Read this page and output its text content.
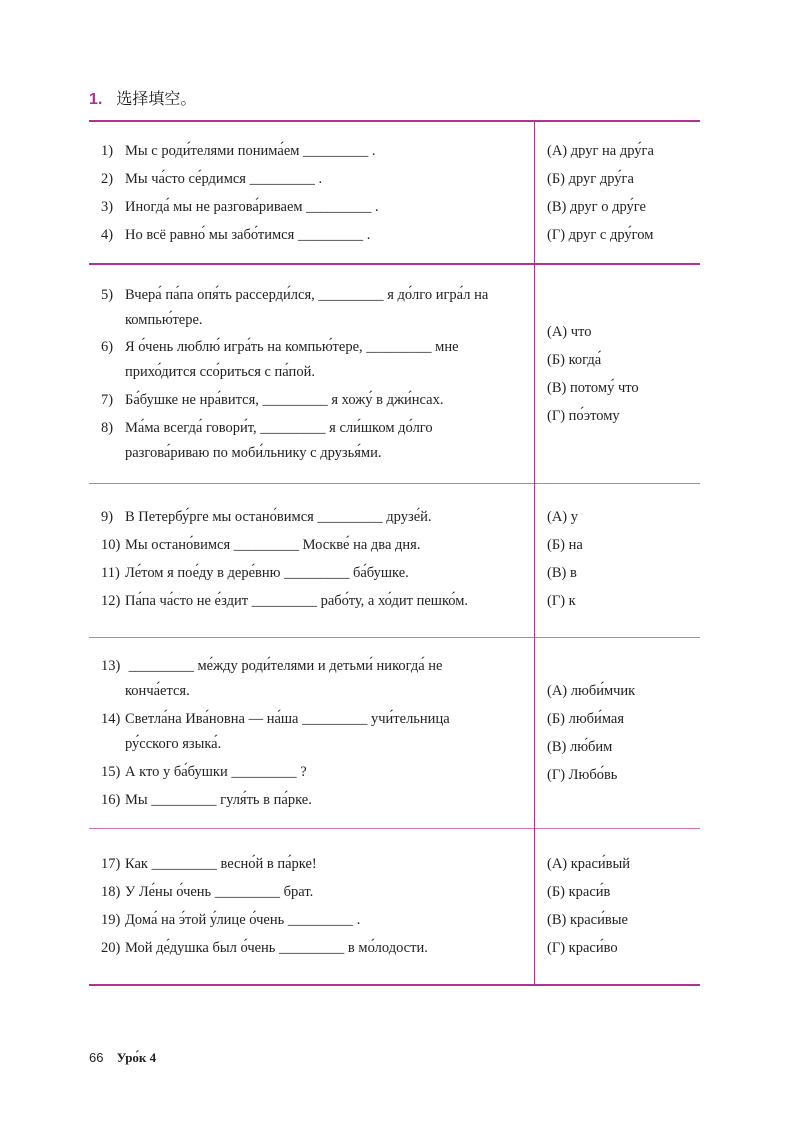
1. 选择填空。
1) Мы с роди́телями понима́ем _________ .
2) Мы ча́сто се́рдимся _________ .
3) Иногда́ мы не разгова́риваем _________ .
4) Но всё равно́ мы забо́тимся _________ .
(А) друг на дру́га
(Б) друг дру́га
(В) друг о дру́ге
(Г) друг с дру́гом
5) Вчера́ па́па опя́ть рассерди́лся, _________ я до́лго игра́л на
компью́тере.
6) Я о́чень люблю́ игра́ть на компью́тере, _________ мне
прихо́дится ссо́риться с па́пой.
7) Ба́бушке не нра́вится, _________ я хожу́ в джи́нсах.
8) Ма́ма всегда́ говори́т, _________ я сли́шком до́лго
разгова́риваю по моби́льнику с друзья́ми.
(А) что
(Б) когда́
(В) потому́ что
(Г) по́этому
9) В Петербу́рге мы остано́вимся _________ друзе́й.
10) Мы остано́вимся _________ Москве́ на два дня.
11) Ле́том я пое́ду в дере́вню _________ ба́бушке.
12) Па́па ча́сто не е́здит _________ рабо́ту, а хо́дит пешко́м.
(А) у
(Б) на
(В) в
(Г) к
13) _________ ме́жду роди́телями и детьми́ никогда́ не
конча́ется.
14) Светла́на Ива́новна — на́ша _________ учи́тельница
ру́сского языка́.
15) А кто у ба́бушки _________ ?
16) Мы _________ гуля́ть в па́рке.
(А) люби́мчик
(Б) люби́мая
(В) лю́бим
(Г) Любо́вь
17) Как _________ весно́й в па́рке!
18) У Ле́ны о́чень _________ брат.
19) Дома́ на э́той у́лице о́чень _________ .
20) Мой де́душка был о́чень _________ в мо́лодости.
(А) краси́вый
(Б) краси́в
(В) краси́вые
(Г) краси́во
66 Уро́к 4
